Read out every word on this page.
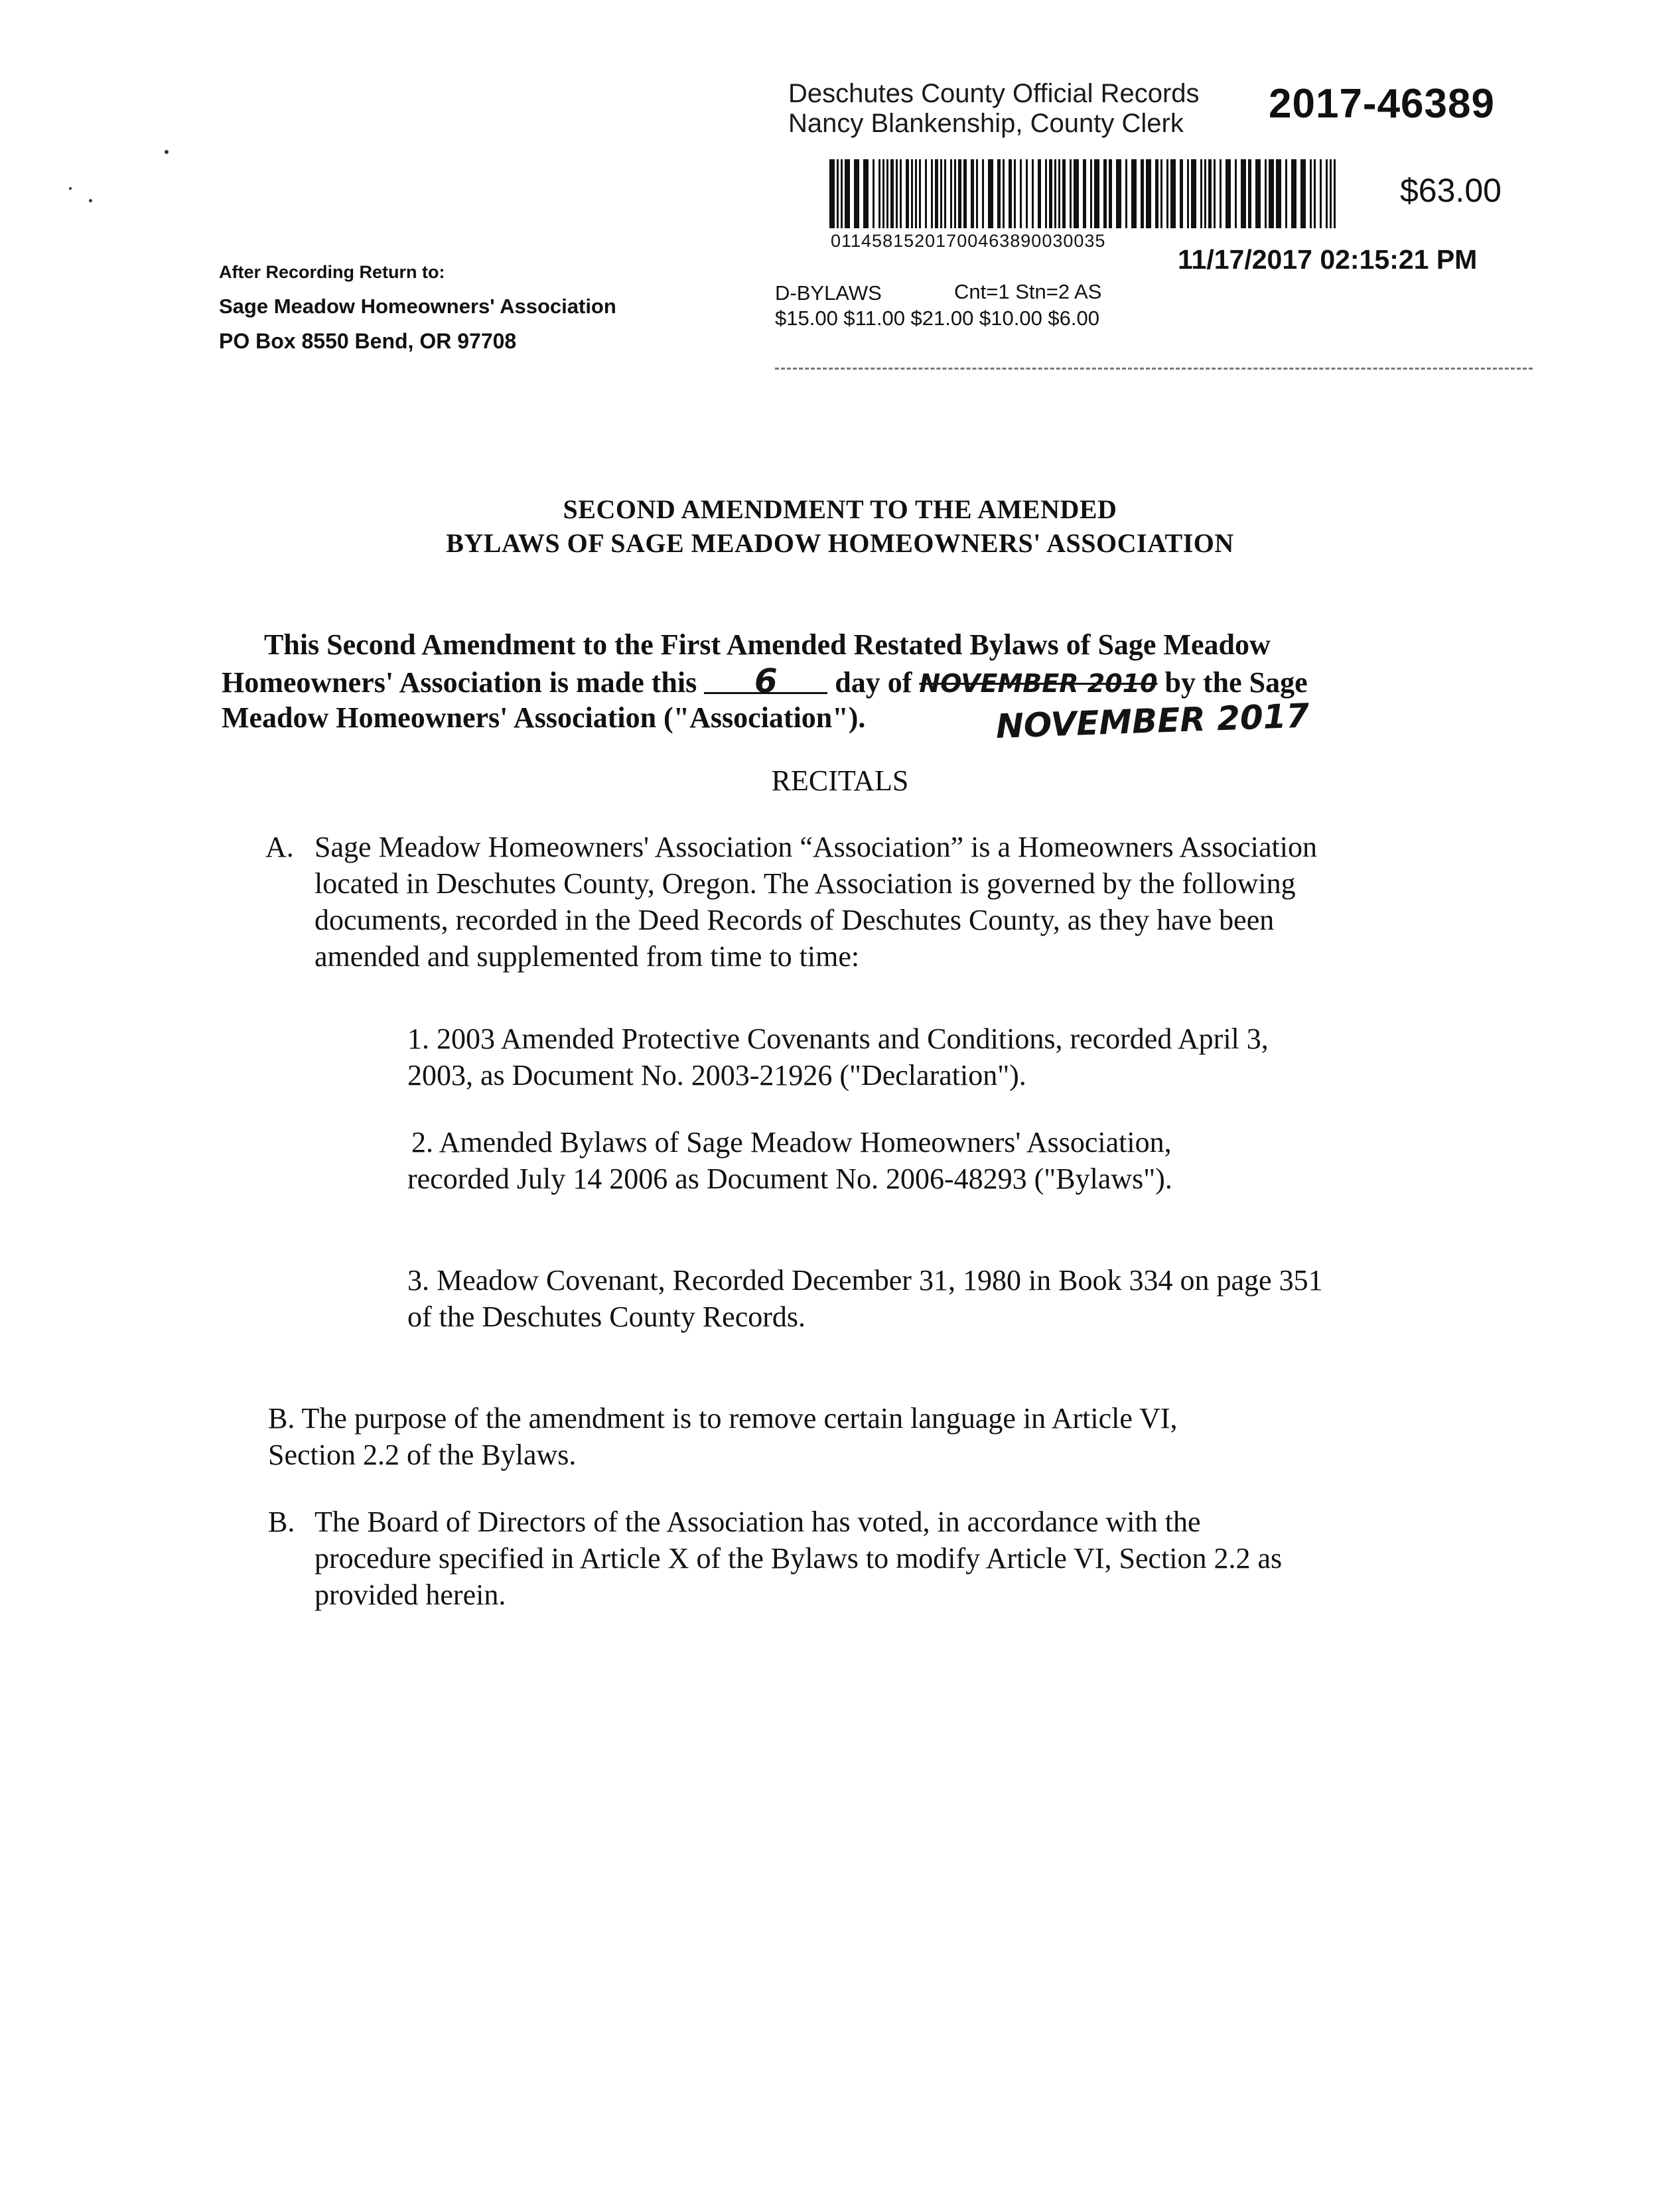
Deschutes County Official Records
Nancy Blankenship, County Clerk 2017-46389
$63.00
01145815201700463890030035
11/17/2017 02:15:21 PM
D-BYLAWS	Cnt=1 Stn=2 AS
$15.00 $11.00 $21.00 $10.00 $6.00
After Recording Return to:
Sage Meadow Homeowners' Association
PO Box 8550 Bend, OR 97708
SECOND AMENDMENT TO THE AMENDED
BYLAWS OF SAGE MEADOW HOMEOWNERS' ASSOCIATION
This Second Amendment to the First Amended Restated Bylaws of Sage Meadow
Homeowners' Association is made this 6 day of NOVEMBER 2010 by the Sage
Meadow Homeowners' Association ("Association").	NOVEMBER 2017
RECITALS
A. Sage Meadow Homeowners' Association “Association” is a Homeowners Association
located in Deschutes County, Oregon. The Association is governed by the following
documents, recorded in the Deed Records of Deschutes County, as they have been
amended and supplemented from time to time:
1. 2003 Amended Protective Covenants and Conditions, recorded April 3,
2003, as Document No. 2003-21926 ("Declaration").
2. Amended Bylaws of Sage Meadow Homeowners' Association,
recorded July 14 2006 as Document No. 2006-48293 ("Bylaws").
3. Meadow Covenant, Recorded December 31, 1980 in Book 334 on page 351
of the Deschutes County Records.
B. The purpose of the amendment is to remove certain language in Article VI,
Section 2.2 of the Bylaws.
B. The Board of Directors of the Association has voted, in accordance with the
procedure specified in Article X of the Bylaws to modify Article VI, Section 2.2 as
provided herein.
